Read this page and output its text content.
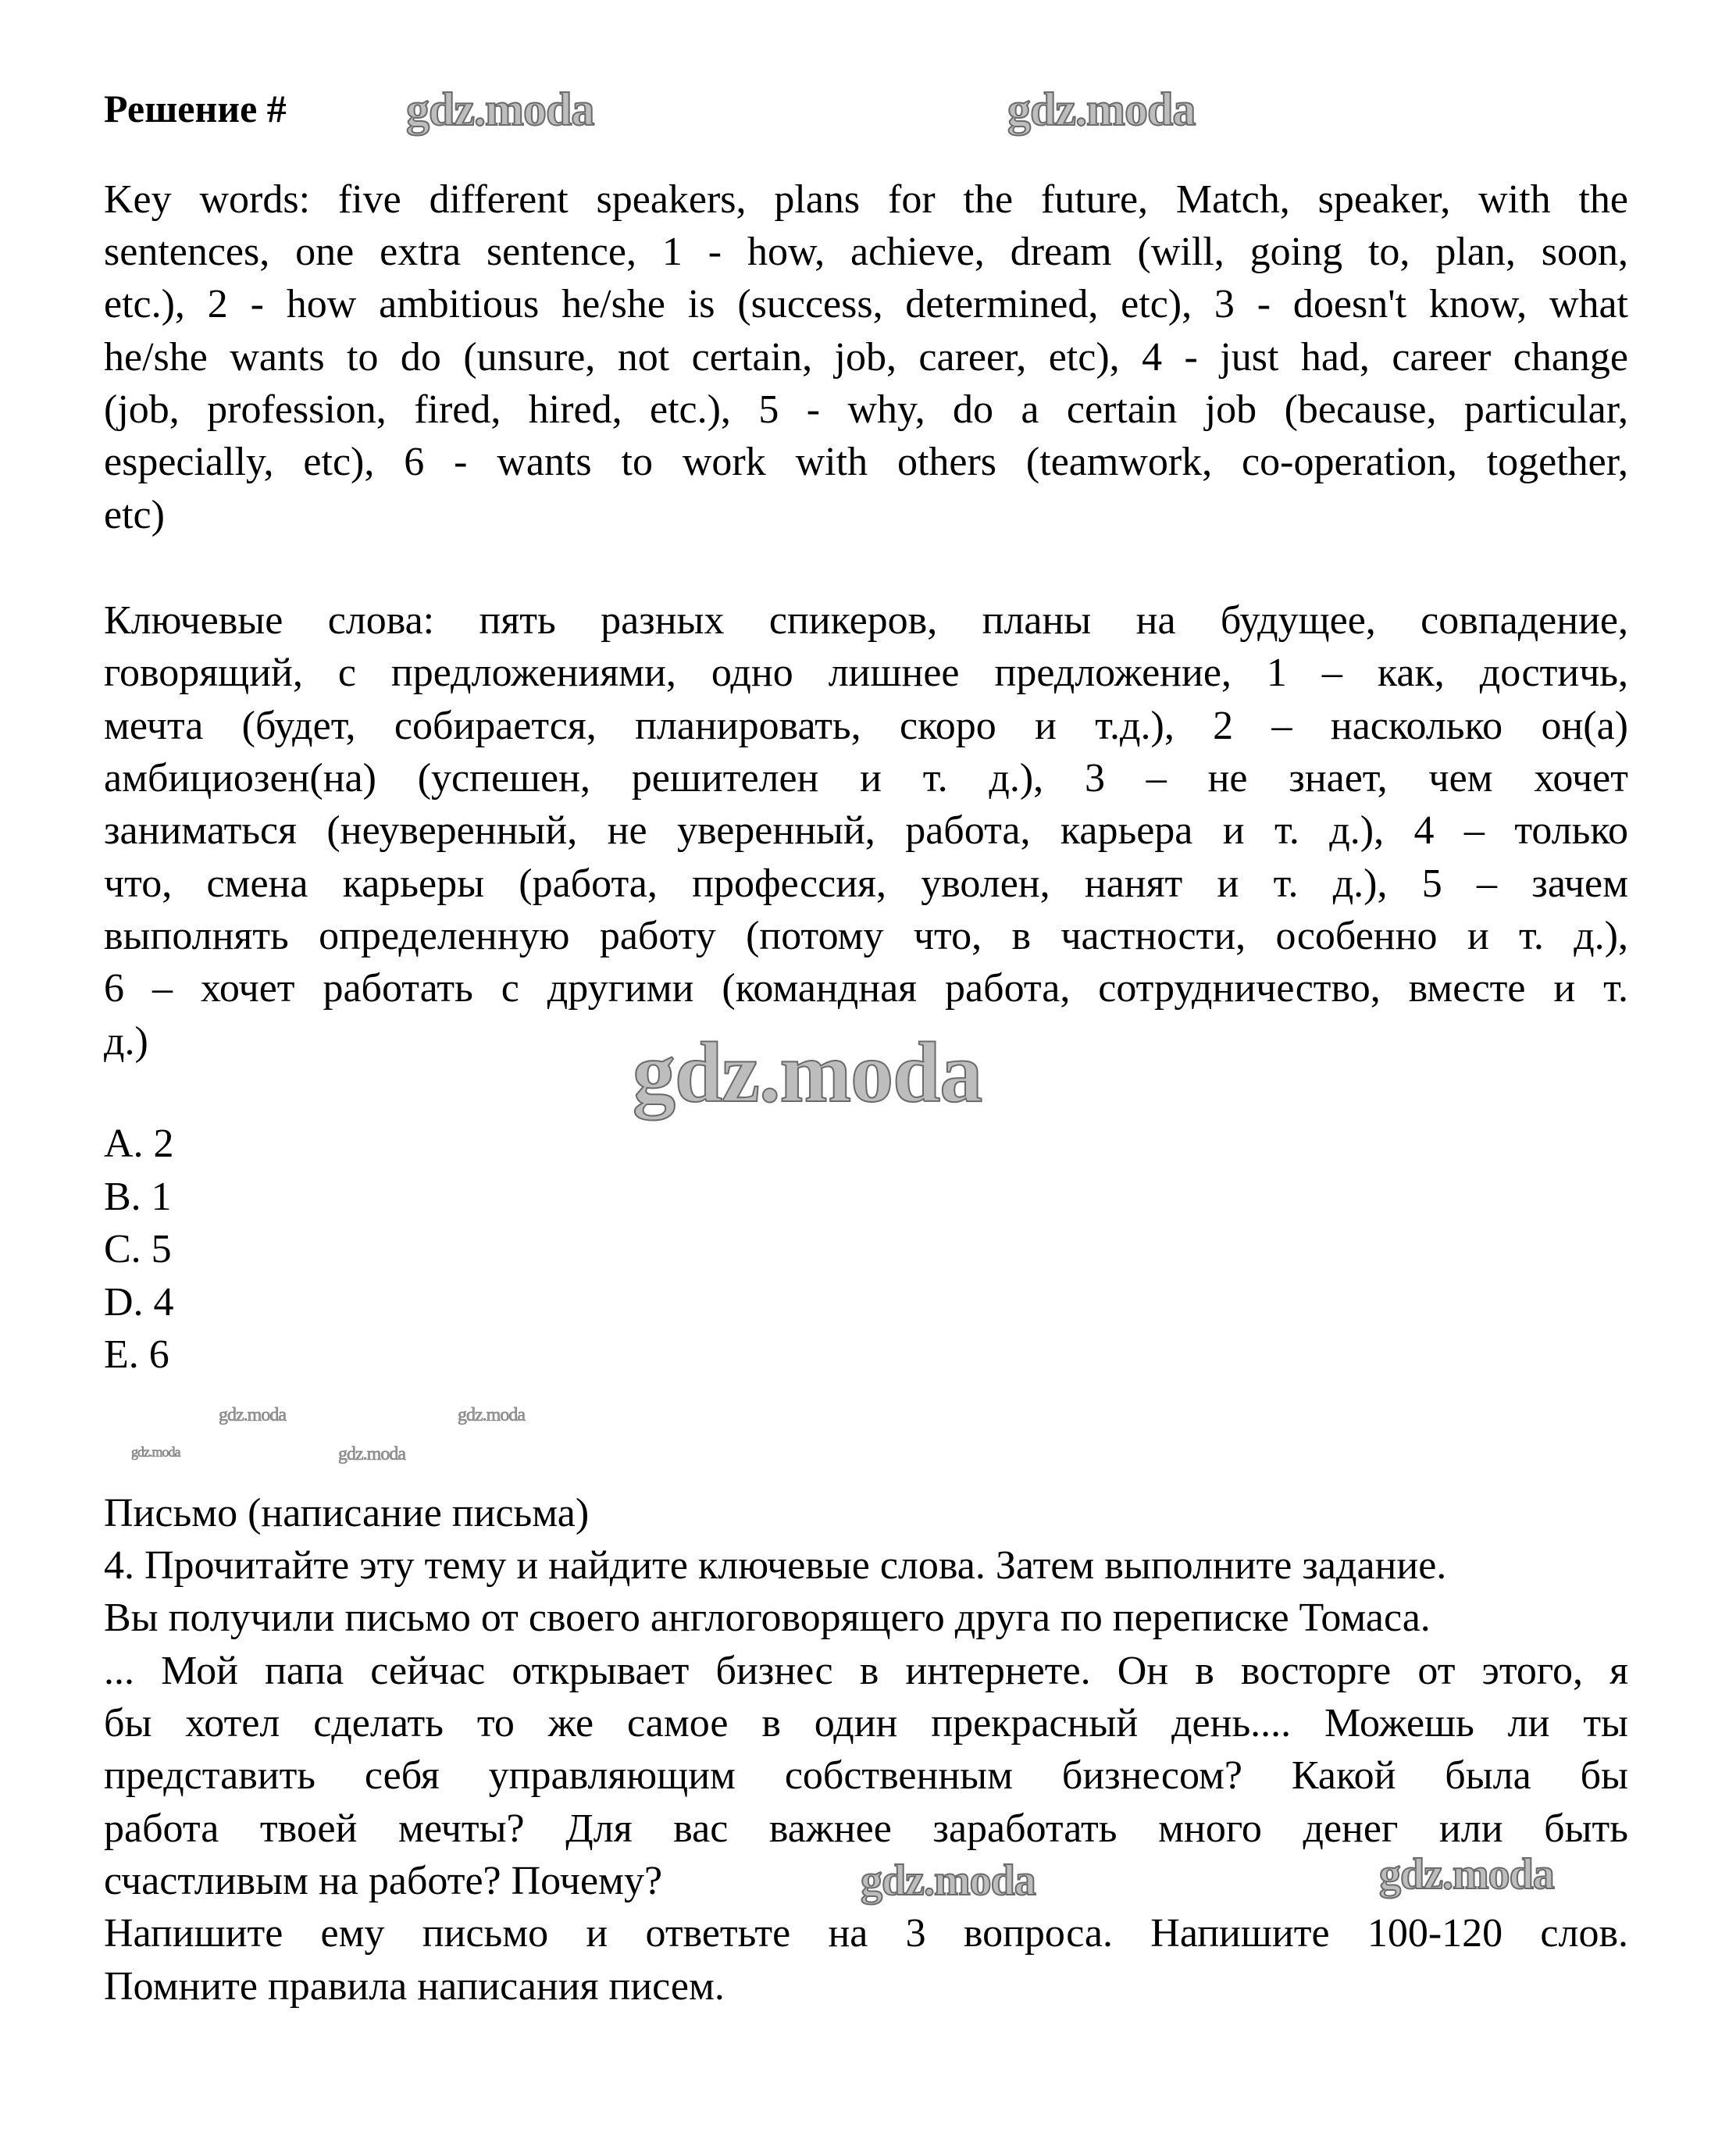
Решение #
Key words: five different speakers, plans for the future, Match, speaker, with the
sentences, one extra sentence, 1 - how, achieve, dream (will, going to, plan, soon,
etc.), 2 - how ambitious he/she is (success, determined, etc), 3 - doesn't know, what
he/she wants to do (unsure, not certain, job, career, etc), 4 - just had, career change
(job, profession, fired, hired, etc.), 5 - why, do a certain job (because, particular,
especially, etc), 6 - wants to work with others (teamwork, co-operation, together,
etc)
Ключевые слова: пять разных спикеров, планы на будущее, совпадение,
говорящий, с предложениями, одно лишнее предложение, 1 – как, достичь,
мечта (будет, собирается, планировать, скоро и т.д.), 2 – насколько он(а)
амбициозен(на) (успешен, решителен и т. д.), 3 – не знает, чем хочет
заниматься (неуверенный, не уверенный, работа, карьера и т. д.), 4 – только
что, смена карьеры (работа, профессия, уволен, нанят и т. д.), 5 – зачем
выполнять определенную работу (потому что, в частности, особенно и т. д.),
6 – хочет работать с другими (командная работа, сотрудничество, вместе и т.
д.)
A. 2
B. 1
C. 5
D. 4
E. 6
Письмо (написание письма)
4. Прочитайте эту тему и найдите ключевые слова. Затем выполните задание.
Вы получили письмо от своего англоговорящего друга по переписке Томаса.
... Мой папа сейчас открывает бизнес в интернете. Он в восторге от этого, я
бы хотел сделать то же самое в один прекрасный день.... Можешь ли ты
представить себя управляющим собственным бизнесом? Какой была бы
работа твоей мечты? Для вас важнее заработать много денег или быть
счастливым на работе? Почему?
Напишите ему письмо и ответьте на 3 вопроса. Напишите 100-120 слов.
Помните правила написания писем.
gdz.moda	gdz.moda
gdz.moda
gdz.moda	gdz.moda
gdz.moda	gdz.moda
gdz.moda	gdz.moda
